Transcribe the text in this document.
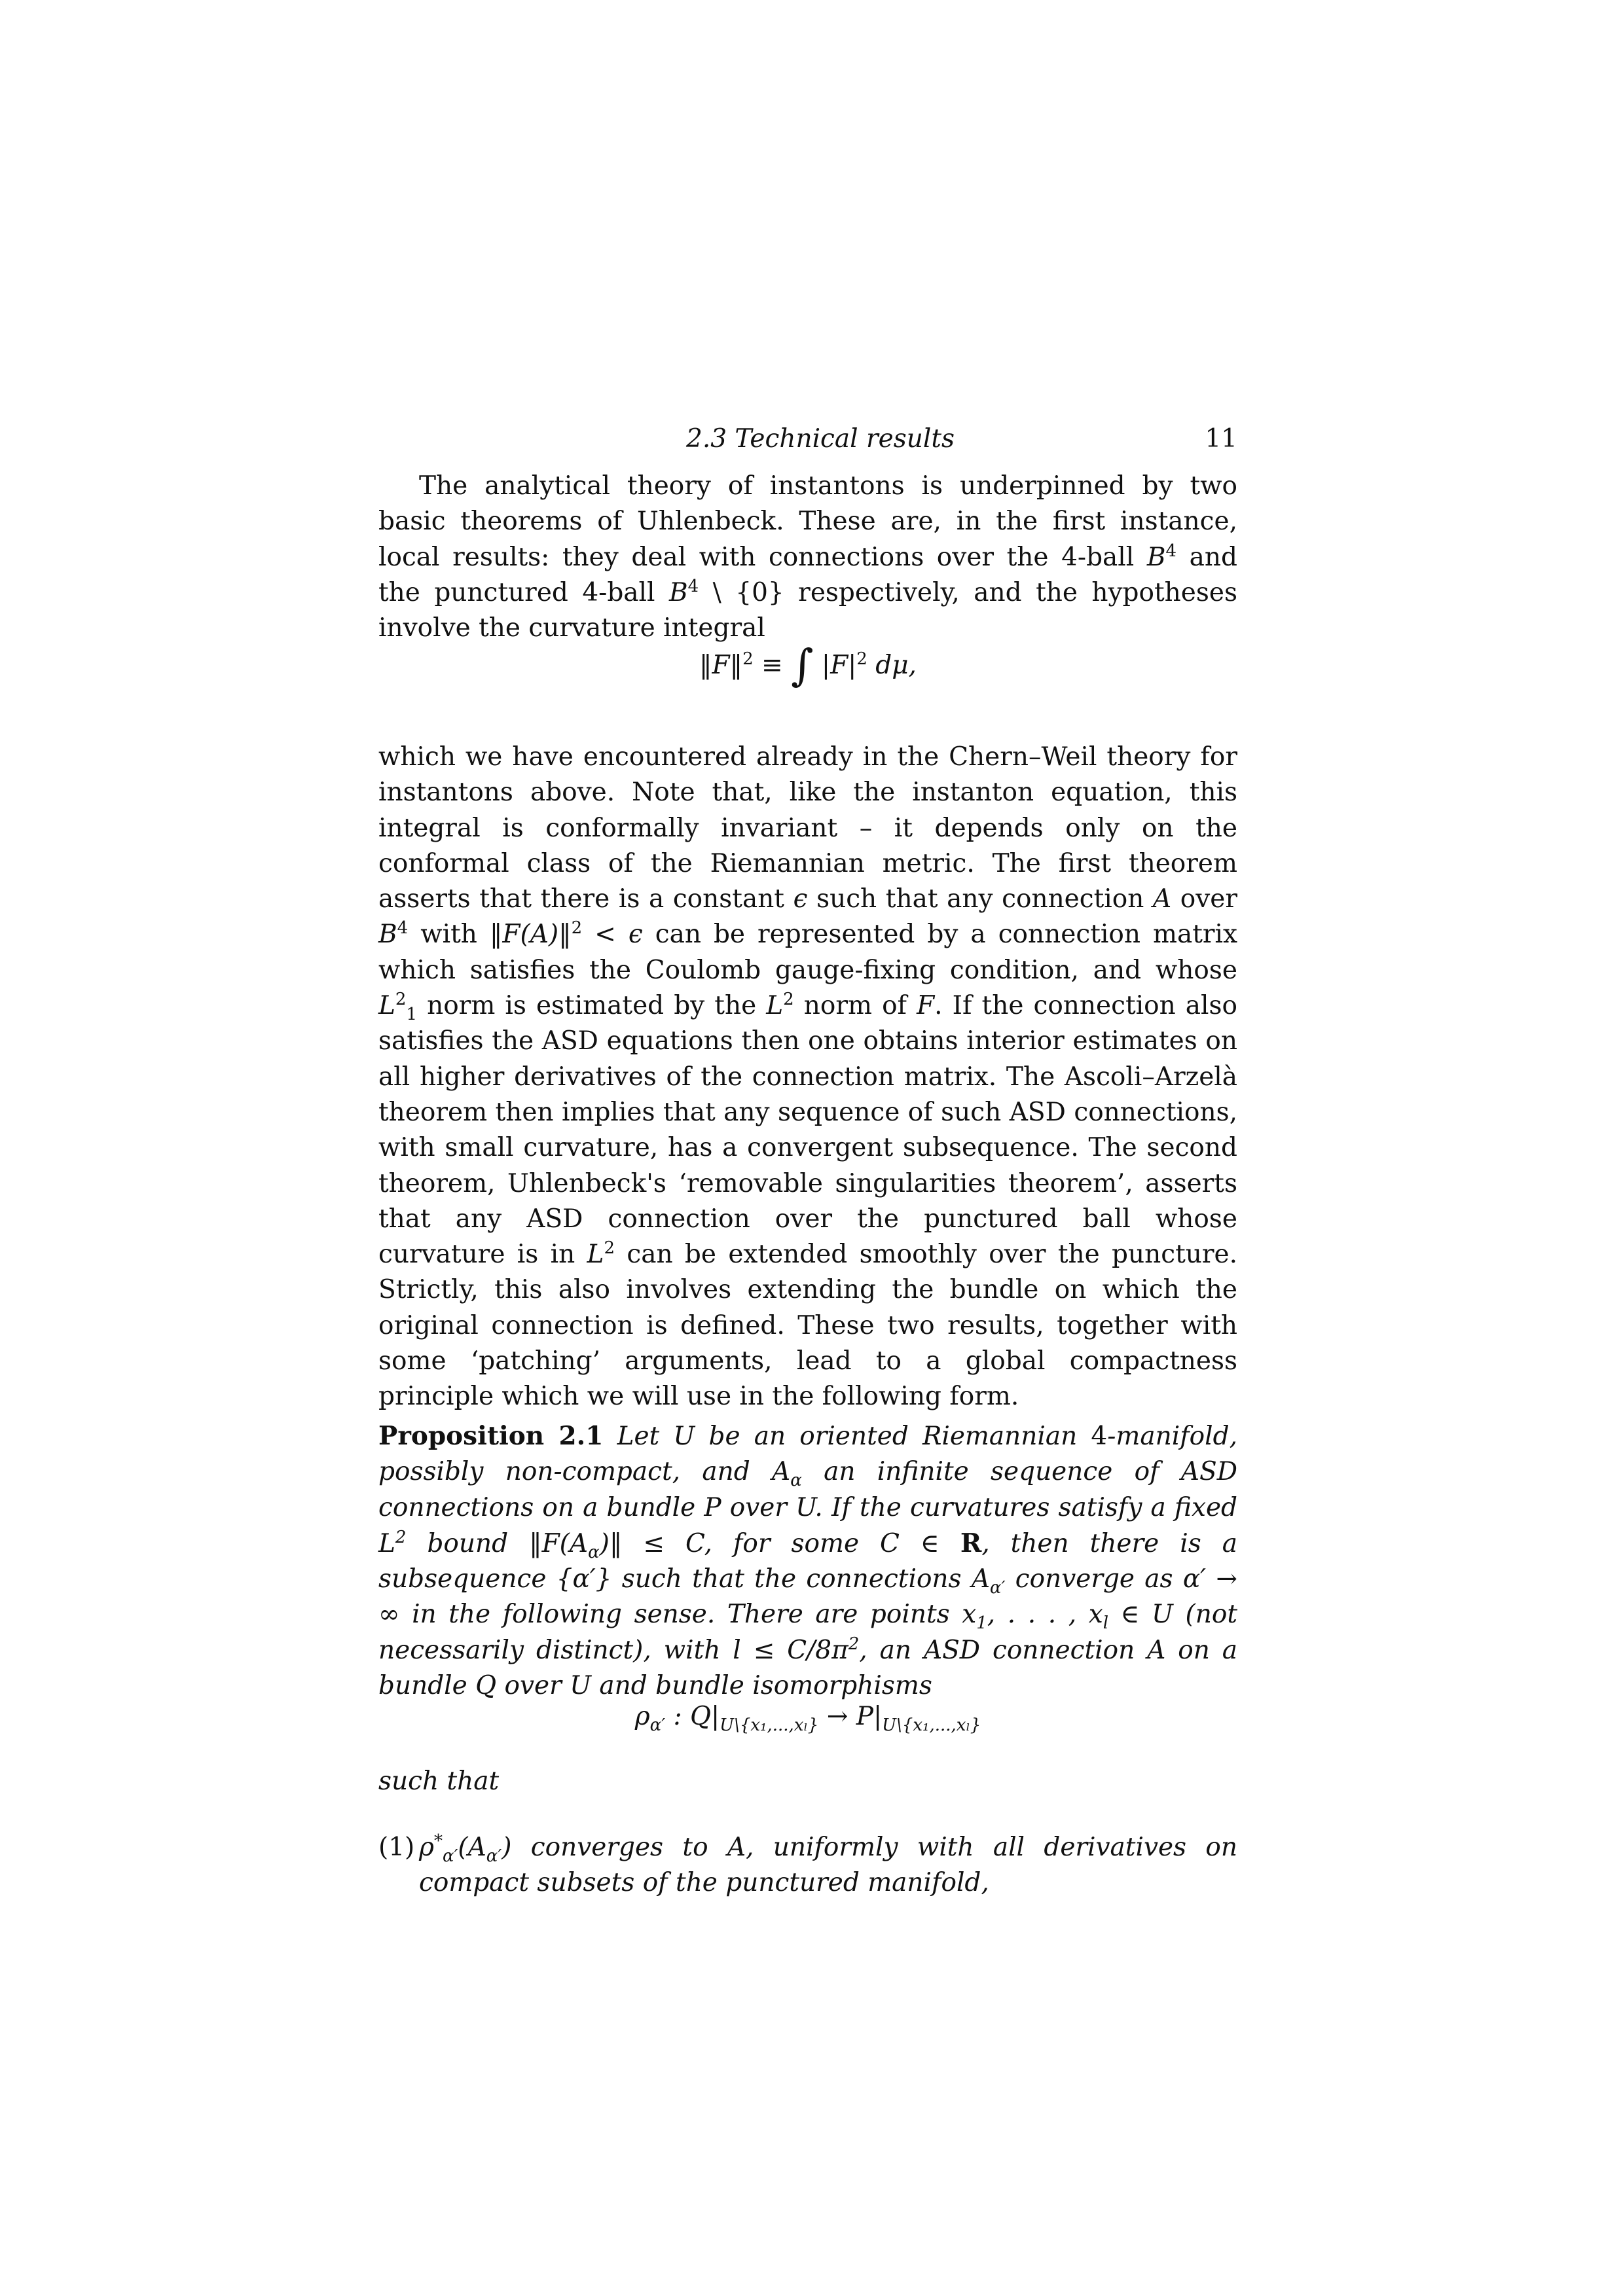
2.3 Technical results	11
The analytical theory of instantons is underpinned by two basic theorems of Uhlenbeck. These are, in the first instance, local results: they deal with connections over the 4-ball $B^4$ and the punctured 4-ball $B^4$ \ {0} respectively, and the hypotheses involve the curvature integral
‖F‖$^2$ ≡ ∫ $|F|^2$ dμ,
which we have encountered already in the Chern–Weil theory for instantons above. Note that, like the instanton equation, this integral is conformally invariant – it depends only on the conformal class of the Riemannian metric. The first theorem asserts that there is a constant ϵ such that any connection A over $B^4$ with ‖F(A)‖$^2$ < ϵ can be represented by a connection matrix which satisfies the Coulomb gauge-fixing condition, and whose $L^2_1$ norm is estimated by the $L^2$ norm of F. If the connection also satisfies the ASD equations then one obtains interior estimates on all higher derivatives of the connection matrix. The Ascoli–Arzelà theorem then implies that any sequence of such ASD connections, with small curvature, has a convergent subsequence. The second theorem, Uhlenbeck's ‘removable singularities theorem’, asserts that any ASD connection over the punctured ball whose curvature is in $L^2$ can be extended smoothly over the puncture. Strictly, this also involves extending the bundle on which the original connection is defined. These two results, together with some ‘patching’ arguments, lead to a global compactness principle which we will use in the following form.
Proposition 2.1 Let U be an oriented Riemannian 4-manifold, possibly non-compact, and $A_\alpha$ an infinite sequence of ASD connections on a bundle P over U. If the curvatures satisfy a fixed $L^2$ bound $‖F(A_\alpha)‖ \le C$, for some C ∈ R, then there is a subsequence {α′} such that the connections $A_{\alpha'}$ converge as α′ → ∞ in the following sense. There are points $x_1$, . . . , $x_l$ ∈ U (not necessarily distinct), with $l \le C/8\pi^2$, an ASD connection A on a bundle Q over U and bundle isomorphisms
$\rho_{\alpha'}$ : $Q|_{U\backslash\{x_1,...,x_l\}} \to P|_{U\backslash\{x_1,...,x_l\}}$
such that
(1) $\rho^*_{\alpha'}(A_{\alpha'})$ converges to A, uniformly with all derivatives on compact subsets of the punctured manifold,
